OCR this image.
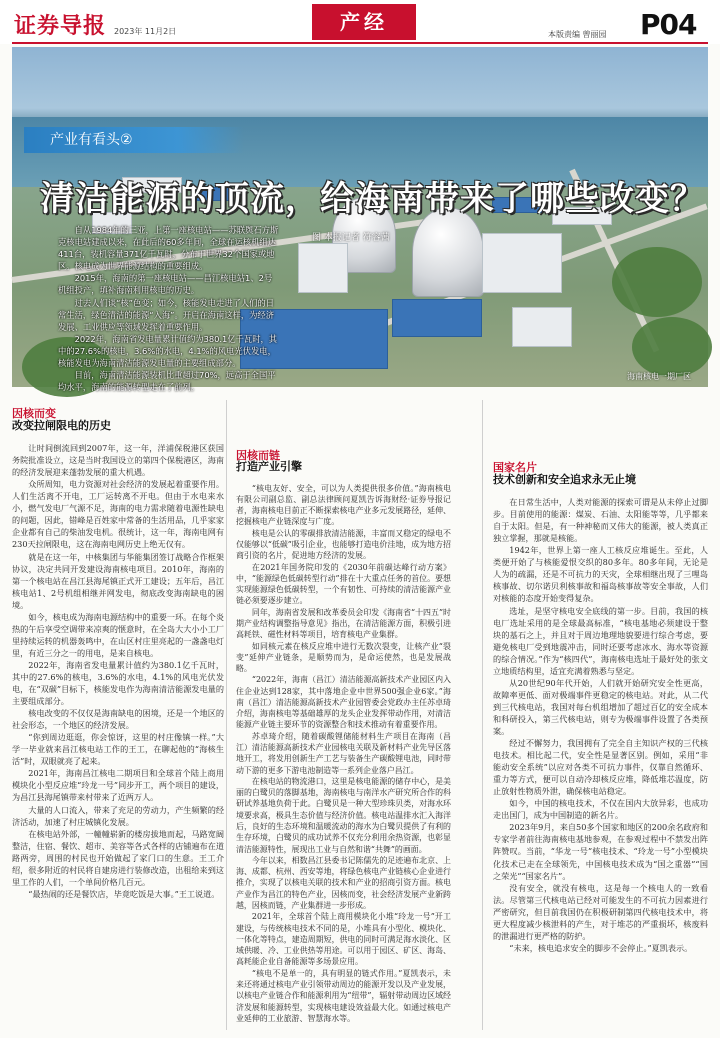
证券导报 2023年 11月2日	产经
本版责编 曾丽园 P04
产业有看头②
清洁能源的顶流，给海南带来了哪些改变？
图 本报记者 符容茜

自从1984年的三亚，上第一座核电站——苏联舆石方斯克核电站建成以来，在此后的60多年间，全球在运核机组达411台，装机容量371亿千瓦时，分布于世界32个国家或地区。核电成为世界能源结构的重要组成。

2015年，海南的第一座核电站——昌江核电站1、2号机组投产，填补海南利用核电的历史。

过去人们谈“核”色变；如今，核能发电走进了人们的日常生活，绿色清洁的能源“入海”。开启在海南这样，为经济发展、工业供应等领域发挥着重要作用。

2022年，海南省发电量累计值约为380.1亿千瓦时，其中的27.6%的核电，3.6%的水电，4.1%的风电光伏发电，核能发电为海南清洁能源发电量的主要组成部分。

目前，海南清洁能源装机比重超过70%，远高于全国平均水平，海南的能源转型走在了前列。

海南核电一期厂区

因核而变

改变拉闸限电的历史

让时间倒流回到2007年，这一年，洋浦保税港区获国务院批准设立，这是当时我国设立的第四个保税港区，海南的经济发展迎来蓬勃发展的重大机遇。

众所周知，电力资源对社会经济的发展起着重要作用。人们生活离不开电，工厂运转离不开电。但由于水电来水小，燃气发电厂气源不足，海南的电力需求随着电源性缺电的问题，因此，错峰是百姓家中常备的生活用品，几乎家家企业都有自己的柴油发电机。很统计，这一年，海南电网有230天拉闸限电，这在海南电网历史上绝无仅有。

就是在这一年，中核集团与华能集团签订战略合作框架协议，决定共同开发建设海南核电项目。2010年，海南的第一个核电站在昌江县海尾镇正式开工建设；五年后，昌江核电站1、2号机组相继并网发电，彻底改变海南缺电的困境。

如今，核电成为海南电源结构中的重要一环。在每个炎热的午后享受空调带来凉爽的惬意时，在全岛大大小小工厂里持续运转的机器轰鸣中，在山区村庄里亮起的一盏盏电灯里，有近三分之一的用电，是来自核电。

2022年，海南省发电量累计值约为380.1亿千瓦时，其中的27.6%的核电，3.6%的水电，4.1%的风电光伏发电，在“双碳”目标下，核能发电作为海南清洁能源发电量的主要组成部分。

核电改变的不仅仅是海南缺电的困境，还是一个地区的社会形态，一个地区的经济发展。

“你到周边逛逛，你会惊讶，这里的村庄像镇一样。”大学一毕业就来昌江核电站工作的王工，在聊起他的“海核生活”时，双眼就亮了起来。

2021年，海南昌江核电二期项目和全球首个陆上商用模块化小型反应堆“玲龙一号”同步开工，两个项目的建设，为昌江县海尾镇带来村带来了近两万人。

大量的人口流入，带来了充足的劳动力，产生频繁的经济活动，加速了村庄城镇化发展。

在核电站外部，一幢幢崭新的楼房拔地而起，马路宽阔整洁，住宿、餐饮、超市、美容等各式各样的店铺遍布在道路两旁，周围的村民也开始做起了家门口的生意。王工介绍，很多附近的村民将自建房进行装修改造，出租给来到这里工作的人们，一个单间价格几百元。

“最热闹的还是餐饮店，毕竟吃饭是大事。”王工说道。

因核而链

打造产业引擎

“核电友好、安全，可以为人类提供很多价值。”海南核电有限公司副总监、副总法律顾问夏凯告诉海财经·证券导报记者，海南核电目前正不断探索核电产业多元发展路径，延伸、挖掘核电产业链深度与广度。

核电是公认的零碳排放清洁能源，丰富而又稳定的绿电不仅能够以“低碳”吸引企业，也能够打造电价洼地，成为地方招商引资的名片，促进地方经济的发展。

在2021年国务院印发的《2030年前碳达峰行动方案》中，“能源绿色低碳转型行动”排在十大重点任务的首位。要想实现能源绿色低碳转型，一个有韧性、可持续的清洁能源产业链必须要逐步建立。

同年，海南省发展和改革委员会印发《海南省“十四五”时期产业结构调整指导意见》指出，在清洁能源方面，积极引进高耗铁、磁性材料等项目，培育核电产业集群。

如同核元素在核反应堆中进行无数次裂变，让核产业“裂变”延伸产业链条，是顺势而为，是命运使然，也是发展战略。

“2022年，海南（昌江）清洁能源高新技术产业园区内入住企业达到128家，其中落地企业中世界500强企业6家。”海南（昌江）清洁能源高新技术产业园管委会党政办主任苏卓琦介绍，海南核电等基础雄厚的龙头企业发挥带动作用，对清洁能源产业链主要环节的资源整合和技术推动有着重要作用。

苏卓琦介绍，随着碳酸锂储能材料生产项目在海南（昌江）清洁能源高新技术产业园核电关联及新材料产业先导区落地开工，将发用创新生产工艺与装备生产碳酸锂电池，同时带动下游的更多下游电池制造等一系列企业落户昌江。

在核电站的物流港口，这里是核电能源的储存中心，是美丽的白鹭贝的落脚基地，海南核电与南洋水产研究所合作的科研试养基地负荷于此。白鹭贝是一种大型珍珠贝类，对海水环境要求高，极具生态价值与经济价值。核电站温排水汇入海洋后，良好的生态环境和温暖流动的海水为白鹭贝提供了有利的生存环境，白鹭贝的成功试养不仅充分利用余热资源，也彰显清洁能源特性，展现出工业与自然和谐“共舞”的画面。

今年以来，相数昌江县委书记陈儒先的足迹遍布北京、上海、成都、杭州、西安等地，将绿色核电产业链核心企业进行推介，实现了以核电关联的技术和产业的招商引资方面。核电产业作为昌江的特色产业，因核而变，社会经济发展产业新跨越，因核而链，产业集群进一步形成。

2021年，全球首个陆上商用模块化小堆“玲龙一号”开工建设，与传统核电技术不同的是，小堆具有小型化、模块化、一体化等特点，建造周期短，供电的同时可满足海水淡化、区域供暖、冷、工业供热等用途。可以用于园区、矿区、海岛、高耗能企业自备能源等多场景应用。

“核电不是单一的，具有明显的链式作用。”夏凯表示，未来还将通过核电产业引领带动周边的能源开发以及产业发展，以核电产业链合作和能源利用为“纽带”，辐射带动周边区域经济发展和能源转型，实现核电建设效益最大化。如通过核电产业延伸的工业旅游、智慧海水等。

国家名片

技术创新和安全追求永无止境

在日常生活中，人类对能源的探索可谓是从未停止过脚步。目前使用的能源：煤炭、石油、太阳能等等，几乎都来自于太阳。但是，有一种神秘而又伟大的能源，被人类真正独立掌握，那就是核能。

1942年，世界上第一座人工核反应堆诞生。至此，人类便开始了与核能爱恨交织的80多年。80多年间，无论是人为的疏漏，还是不可抗力的天灾，全球相继出现了三哩岛核事故、切尔诺贝利核事故和福岛核事故等安全事故，人们对核能的态度开始变得复杂。

选址，是坚守核电安全底线的第一步。目前，我国的核电厂选址采用的是全球最高标准，“核电基地必须建设于整块的基石之上，并且对于周边地理地貌要进行综合考虑，要避免核电厂受到地震冲击，同时还要考虑冰水、海水等资源的综合情况。”作为“核四代”，海南核电选址于最好处的张文立地质结构里，适宜充满着熟悉与坚定。

从20世纪90年代开始，人们就开始研究安全性更高，故障率更低、面对极端事件更稳定的核电站。对此，从二代到三代核电站，我国对每台机组增加了超过百亿的安全成本和科研投入，第三代核电站，则专为极端事件设置了各类预案。

经过不懈努力，我国拥有了完全自主知识产权的三代核电技术。相比起二代，安全性是显著区别。例如，采用“非能动安全系统”以应对各类不可抗力事件，仅靠自然循环、重力等方式，便可以自动冷却核反应堆，降低堆芯温度，防止放射性物质外泄，确保核电站稳定。

如今，中国的核电技术，不仅在国内大放异彩，也成功走出国门，成为中国制造的新名片。

2023年9月，来自50多个国家和地区的200余名政府和专家学者前往海南核电基地参观，在参观过程中不禁发出阵阵赞叹。当前，“华龙一号”核电技术、“玲龙一号”小型模块化技术已走在全球领先，中国核电技术成为“国之重器”“国之荣光”“国家名片”。

没有安全，就没有核电，这是每一个核电人的一致看法。尽管第三代核电站已经对可能发生的不可抗力因素进行严密研究，但目前我国仍在积极研制第四代核电技术中，将更大程度减少核泄料的产生，对于堆芯的严重损坏，核废料的泄漏进行更严格的防护。

“未来，核电追求安全的脚步不会停止。”夏凯表示。
